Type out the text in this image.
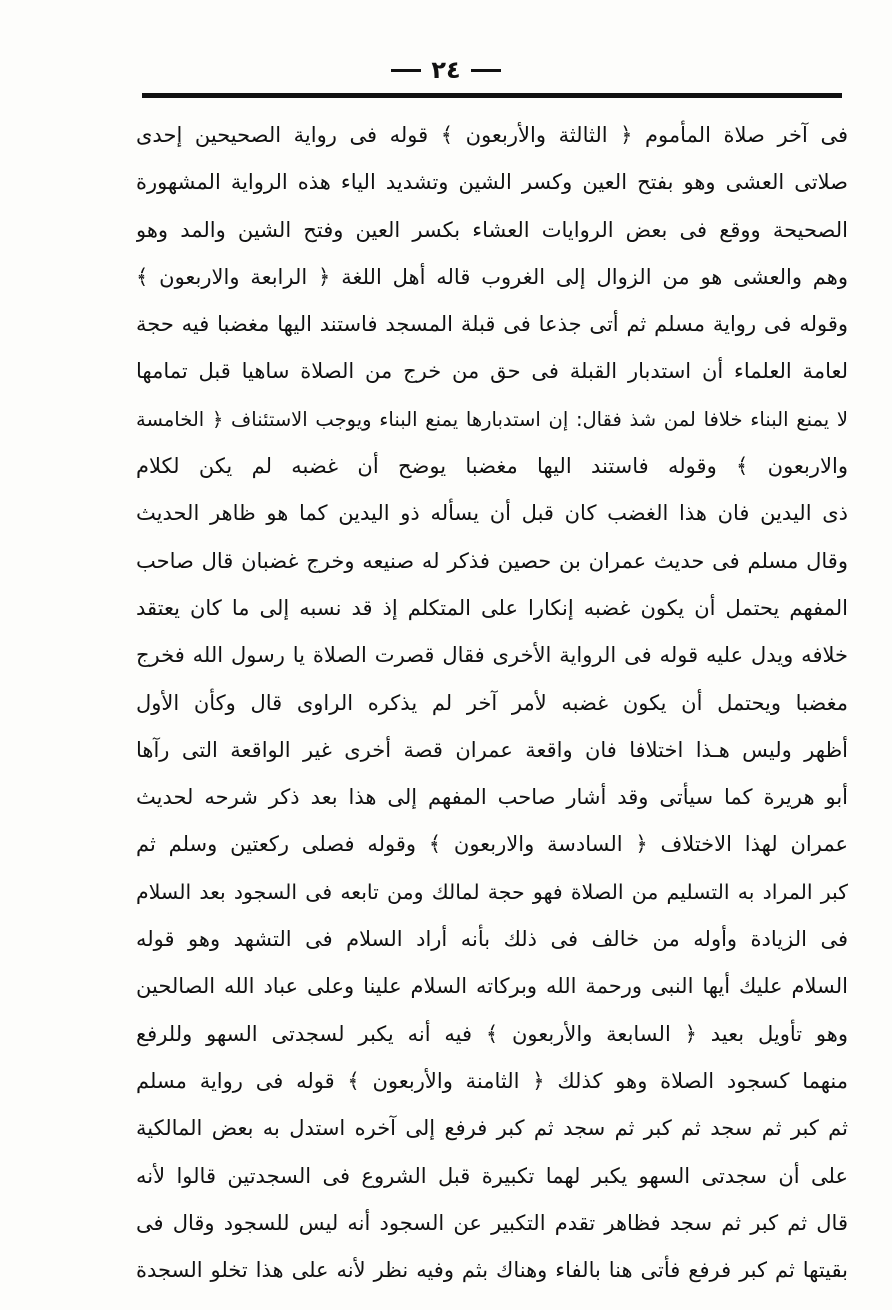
٢٤
فى آخر صلاة المأموم ﴿ الثالثة والأربعون ﴾ قوله فى رواية الصحيحين إحدى
صلاتى العشى وهو بفتح العين وكسر الشين وتشديد الياء هذه الرواية المشهورة
الصحيحة ووقع فى بعض الروايات العشاء بكسر العين وفتح الشين والمد وهو
وهم والعشى هو من الزوال إلى الغروب قاله أهل اللغة ﴿ الرابعة والاربعون ﴾
وقوله فى رواية مسلم ثم أتى جذعا فى قبلة المسجد فاستند اليها مغضبا فيه حجة
لعامة العلماء أن استدبار القبلة فى حق من خرج من الصلاة ساهيا قبل تمامها
لا يمنع البناء خلافا لمن شذ فقال: إن استدبارها يمنع البناء ويوجب الاستئناف ﴿ الخامسة
والاربعون ﴾ وقوله فاستند اليها مغضبا يوضح أن غضبه لم يكن لكلام
ذى اليدين فان هذا الغضب كان قبل أن يسأله ذو اليدين كما هو ظاهر الحديث
وقال مسلم فى حديث عمران بن حصين فذكر له صنيعه وخرج غضبان قال صاحب
المفهم يحتمل أن يكون غضبه إنكارا على المتكلم إذ قد نسبه إلى ما كان يعتقد
خلافه ويدل عليه قوله فى الرواية الأخرى فقال قصرت الصلاة يا رسول الله فخرج
مغضبا ويحتمل أن يكون غضبه لأمر آخر لم يذكره الراوى قال وكأن الأول
أظهر وليس هـذا اختلافا فان واقعة عمران قصة أخرى غير الواقعة التى رآها
أبو هريرة كما سيأتى وقد أشار صاحب المفهم إلى هذا بعد ذكر شرحه لحديث
عمران لهذا الاختلاف ﴿ السادسة والاربعون ﴾ وقوله فصلى ركعتين وسلم ثم
كبر المراد به التسليم من الصلاة فهو حجة لمالك ومن تابعه فى السجود بعد السلام
فى الزيادة وأوله من خالف فى ذلك بأنه أراد السلام فى التشهد وهو قوله
السلام عليك أيها النبى ورحمة الله وبركاته السلام علينا وعلى عباد الله الصالحين
وهو تأويل بعيد ﴿ السابعة والأربعون ﴾ فيه أنه يكبر لسجدتى السهو وللرفع
منهما كسجود الصلاة وهو كذلك ﴿ الثامنة والأربعون ﴾ قوله فى رواية مسلم
ثم كبر ثم سجد ثم كبر ثم سجد ثم كبر فرفع إلى آخره استدل به بعض المالكية
على أن سجدتى السهو يكبر لهما تكبيرة قبل الشروع فى السجدتين قالوا لأنه
قال ثم كبر ثم سجد فظاهر تقدم التكبير عن السجود أنه ليس للسجود وقال فى
بقيتها ثم كبر فرفع فأتى هنا بالفاء وهناك بثم وفيه نظر لأنه على هذا تخلو السجدة
